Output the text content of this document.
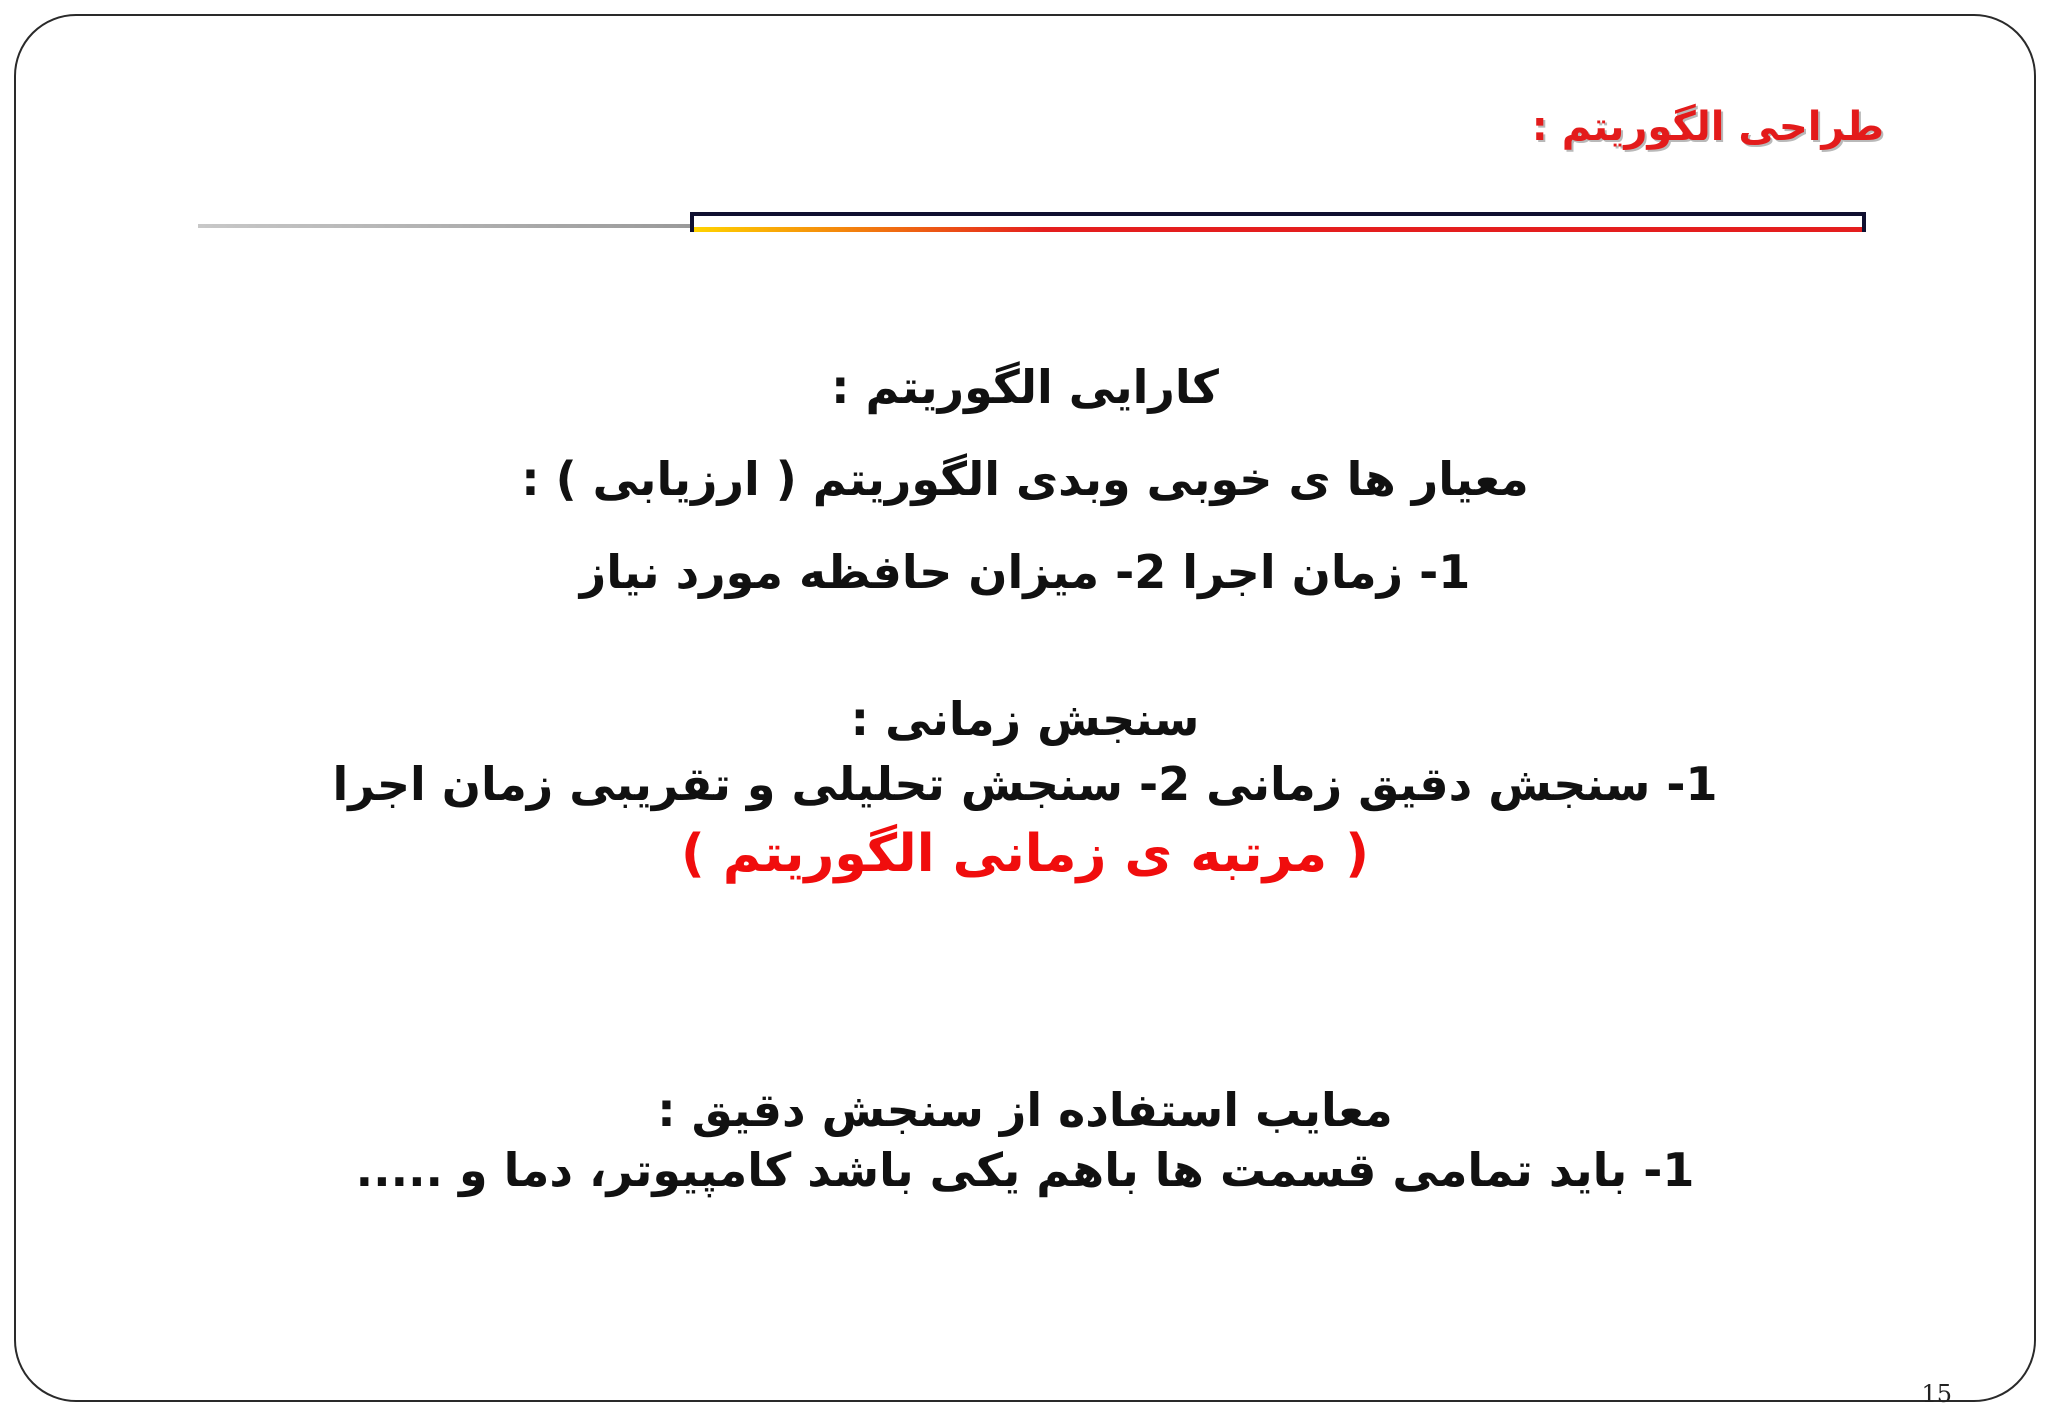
طراحی الگوریتم :
کارایی الگوریتم :
معیار ها ی خوبی وبدی الگوریتم ( ارزیابی ) :
1- زمان اجرا 2- میزان حافظه مورد نیاز
سنجش زمانی :
1- سنجش دقیق زمانی 2- سنجش تحلیلی و تقریبی زمان اجرا
( مرتبه ی زمانی الگوریتم )
معایب استفاده از سنجش دقیق :
1- باید تمامی قسمت ها باهم یکی باشد کامپیوتر، دما و .....
15
